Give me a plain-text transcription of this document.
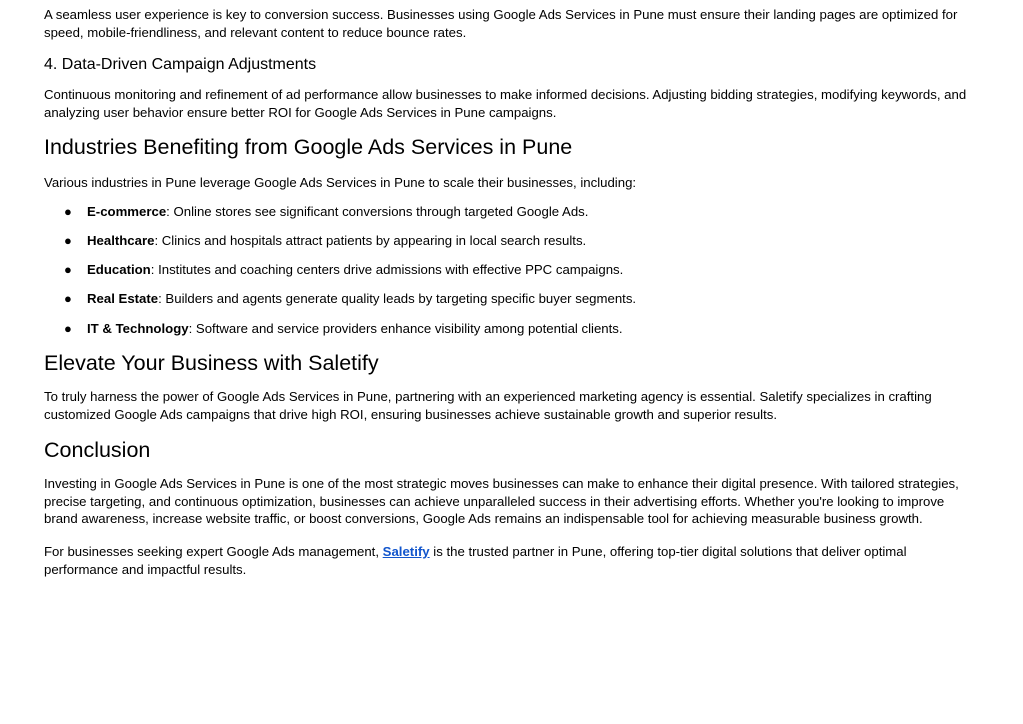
A seamless user experience is key to conversion success. Businesses using Google Ads Services in Pune must ensure their landing pages are optimized for speed, mobile-friendliness, and relevant content to reduce bounce rates.

4. Data-Driven Campaign Adjustments

Continuous monitoring and refinement of ad performance allow businesses to make informed decisions. Adjusting bidding strategies, modifying keywords, and analyzing user behavior ensure better ROI for Google Ads Services in Pune campaigns.

Industries Benefiting from Google Ads Services in Pune

Various industries in Pune leverage Google Ads Services in Pune to scale their businesses, including:

● E-commerce: Online stores see significant conversions through targeted Google Ads.
● Healthcare: Clinics and hospitals attract patients by appearing in local search results.
● Education: Institutes and coaching centers drive admissions with effective PPC campaigns.
● Real Estate: Builders and agents generate quality leads by targeting specific buyer segments.
● IT & Technology: Software and service providers enhance visibility among potential clients.
Elevate Your Business with Saletify

To truly harness the power of Google Ads Services in Pune, partnering with an experienced marketing agency is essential. Saletify specializes in crafting customized Google Ads campaigns that drive high ROI, ensuring businesses achieve sustainable growth and superior results.

Conclusion

Investing in Google Ads Services in Pune is one of the most strategic moves businesses can make to enhance their digital presence. With tailored strategies, precise targeting, and continuous optimization, businesses can achieve unparalleled success in their advertising efforts. Whether you're looking to improve brand awareness, increase website traffic, or boost conversions, Google Ads remains an indispensable tool for achieving measurable business growth.

For businesses seeking expert Google Ads management, Saletify is the trusted partner in Pune, offering top-tier digital solutions that deliver optimal performance and impactful results.
